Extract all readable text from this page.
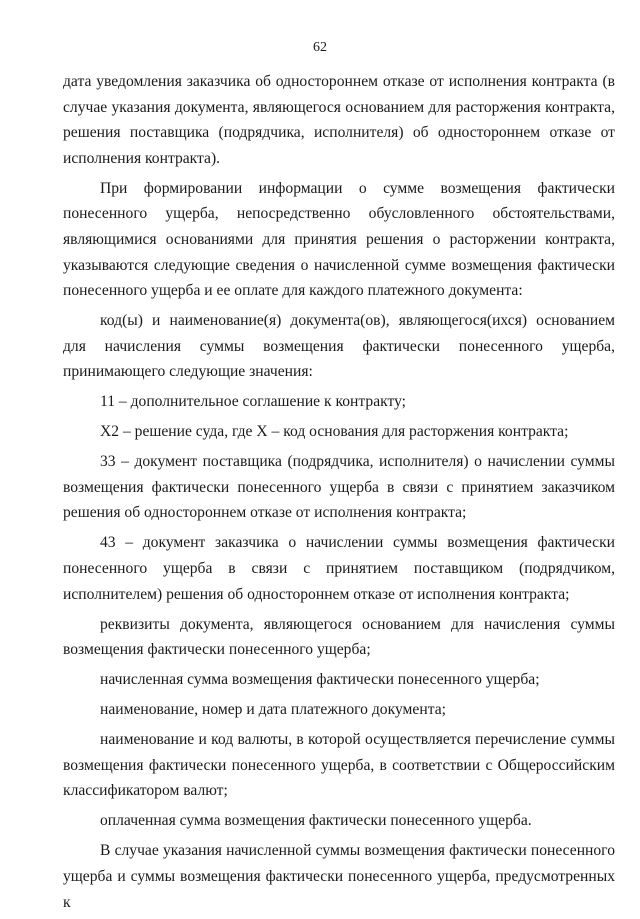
62

дата уведомления заказчика об одностороннем отказе от исполнения контракта (в случае указания документа, являющегося основанием для расторжения контракта, решения поставщика (подрядчика, исполнителя) об одностороннем отказе от исполнения контракта).

При формировании информации о сумме возмещения фактически понесенного ущерба, непосредственно обусловленного обстоятельствами, являющимися основаниями для принятия решения о расторжении контракта, указываются следующие сведения о начисленной сумме возмещения фактически понесенного ущерба и ее оплате для каждого платежного документа:

код(ы) и наименование(я) документа(ов), являющегося(ихся) основанием для начисления суммы возмещения фактически понесенного ущерба, принимающего следующие значения:

11 – дополнительное соглашение к контракту;

X2 – решение суда, где X – код основания для расторжения контракта;

33 – документ поставщика (подрядчика, исполнителя) о начислении суммы возмещения фактически понесенного ущерба в связи с принятием заказчиком решения об одностороннем отказе от исполнения контракта;

43 – документ заказчика о начислении суммы возмещения фактически понесенного ущерба в связи с принятием поставщиком (подрядчиком, исполнителем) решения об одностороннем отказе от исполнения контракта;

реквизиты документа, являющегося основанием для начисления суммы возмещения фактически понесенного ущерба;

начисленная сумма возмещения фактически понесенного ущерба;

наименование, номер и дата платежного документа;

наименование и код валюты, в которой осуществляется перечисление суммы возмещения фактически понесенного ущерба, в соответствии с Общероссийским классификатором валют;

оплаченная сумма возмещения фактически понесенного ущерба.

В случае указания начисленной суммы возмещения фактически понесенного ущерба и суммы возмещения фактически понесенного ущерба, предусмотренных к
